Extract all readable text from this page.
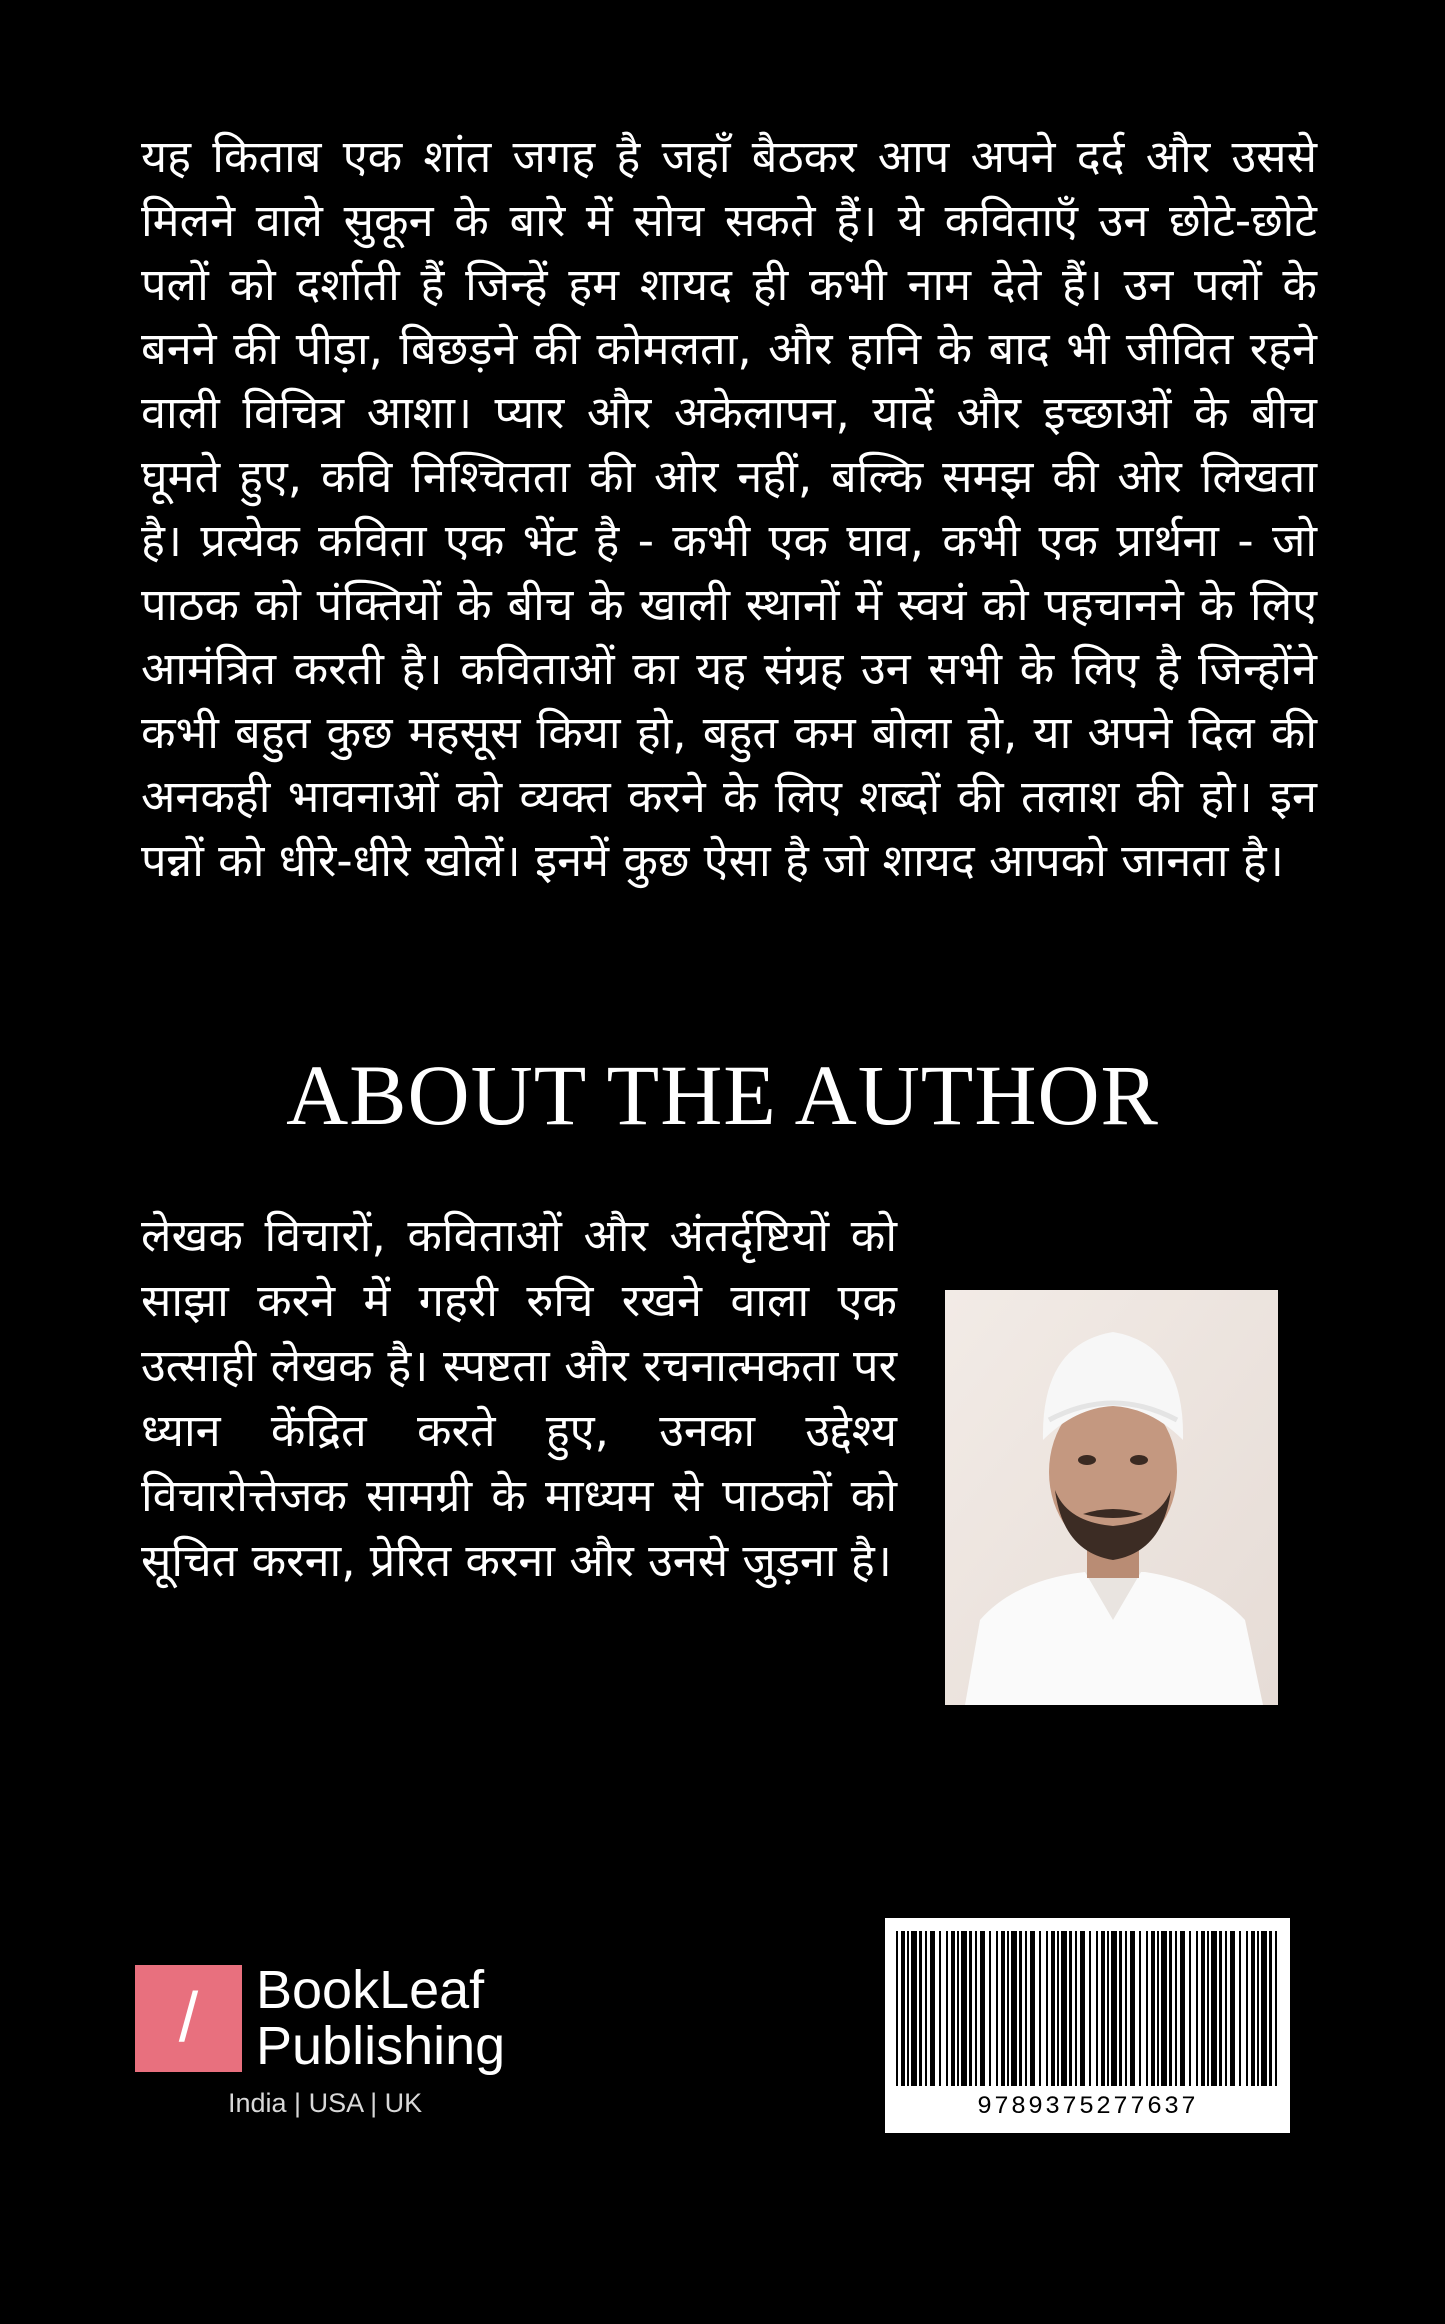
यह किताब एक शांत जगह है जहाँ बैठकर आप अपने दर्द और उससे मिलने वाले सुकून के बारे में सोच सकते हैं। ये कविताएँ उन छोटे-छोटे पलों को दर्शाती हैं जिन्हें हम शायद ही कभी नाम देते हैं। उन पलों के बनने की पीड़ा, बिछड़ने की कोमलता, और हानि के बाद भी जीवित रहने वाली विचित्र आशा। प्यार और अकेलापन, यादें और इच्छाओं के बीच घूमते हुए, कवि निश्चितता की ओर नहीं, बल्कि समझ की ओर लिखता है। प्रत्येक कविता एक भेंट है - कभी एक घाव, कभी एक प्रार्थना - जो पाठक को पंक्तियों के बीच के खाली स्थानों में स्वयं को पहचानने के लिए आमंत्रित करती है। कविताओं का यह संग्रह उन सभी के लिए है जिन्होंने कभी बहुत कुछ महसूस किया हो, बहुत कम बोला हो, या अपने दिल की अनकही भावनाओं को व्यक्त करने के लिए शब्दों की तलाश की हो। इन पन्नों को धीरे-धीरे खोलें। इनमें कुछ ऐसा है जो शायद आपको जानता है।

ABOUT THE AUTHOR

लेखक विचारों, कविताओं और अंतर्दृष्टियों को साझा करने में गहरी रुचि रखने वाला एक उत्साही लेखक है। स्पष्टता और रचनात्मकता पर ध्यान केंद्रित करते हुए, उनका उद्देश्य विचारोत्तेजक सामग्री के माध्यम से पाठकों को सूचित करना, प्रेरित करना और उनसे जुड़ना है।

/	BookLeaf
Publishing
India | USA | UK	9789375277637
